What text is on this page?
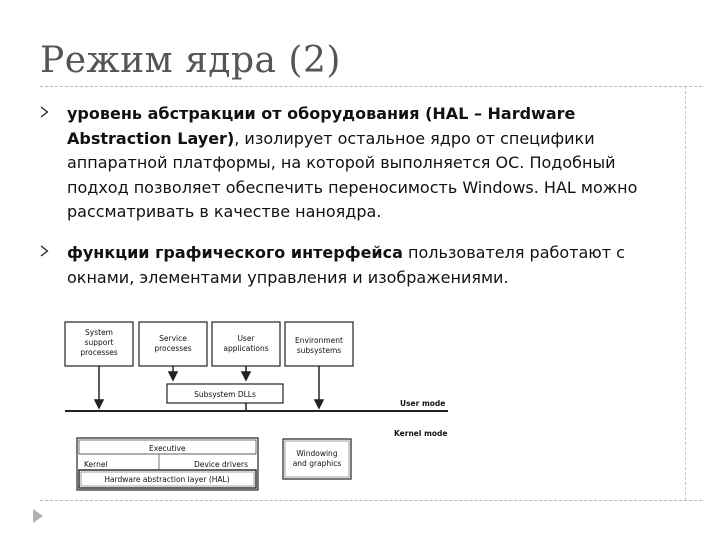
Режим ядра (2)
уровень абстракции от оборудования (HAL – Hardware Abstraction Layer), изолирует остальное ядро от специфики аппаратной платформы, на которой выполняется ОС. Подобный подход позволяет обеспечить переносимость Windows. HAL можно рассматривать в качестве наноядра.
функции графического интерфейса пользователя работают с окнами, элементами управления и изображениями.
System
support
processes
Service
processes
User
applications
Environment
subsystems
Subsystem DLLs
User mode
Kernel mode
Executive
Kernel	Device drivers
Hardware abstraction layer (HAL)
Windowing
and graphics
